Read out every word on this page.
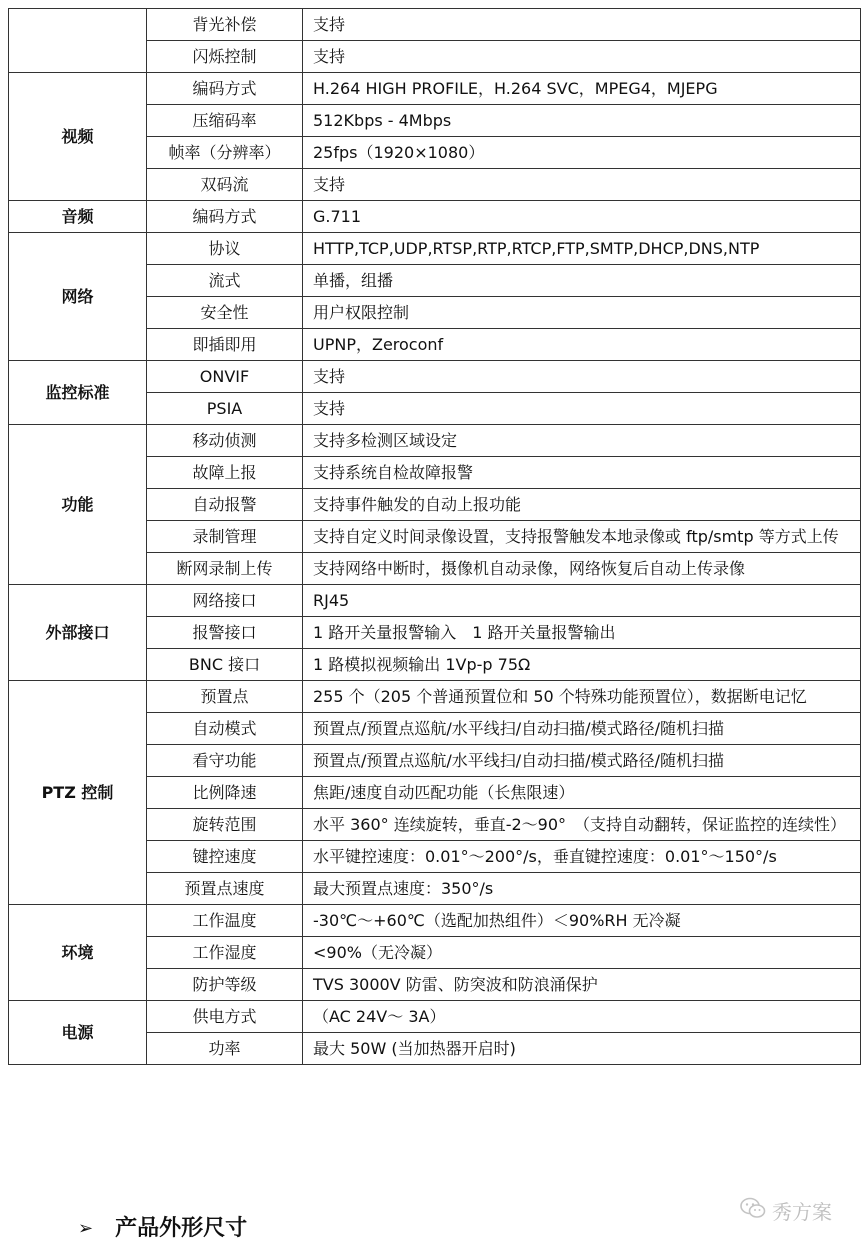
	背光补偿	支持
	闪烁控制	支持
视频	编码方式	H.264 HIGH PROFILE，H.264 SVC，MPEG4，MJEPG
	压缩码率	512Kbps - 4Mbps
	帧率（分辨率）	25fps（1920×1080）
	双码流	支持
音频	编码方式	G.711
网络	协议	HTTP,TCP,UDP,RTSP,RTP,RTCP,FTP,SMTP,DHCP,DNS,NTP
	流式	单播，组播
	安全性	用户权限控制
	即插即用	UPNP，Zeroconf
监控标准	ONVIF	支持
	PSIA	支持
功能	移动侦测	支持多检测区域设定
	故障上报	支持系统自检故障报警
	自动报警	支持事件触发的自动上报功能
	录制管理	支持自定义时间录像设置，支持报警触发本地录像或 ftp/smtp 等方式上传
	断网录制上传	支持网络中断时，摄像机自动录像，网络恢复后自动上传录像
外部接口	网络接口	RJ45
	报警接口	1 路开关量报警输入　1 路开关量报警输出
	BNC 接口	1 路模拟视频输出 1Vp-p 75Ω
PTZ 控制	预置点	255 个（205 个普通预置位和 50 个特殊功能预置位），数据断电记忆
	自动模式	预置点/预置点巡航/水平线扫/自动扫描/模式路径/随机扫描
	看守功能	预置点/预置点巡航/水平线扫/自动扫描/模式路径/随机扫描
	比例降速	焦距/速度自动匹配功能（长焦限速）
	旋转范围	水平 360° 连续旋转，垂直-2～90°　（支持自动翻转，保证监控的连续性）
	键控速度	水平键控速度：0.01°～200°/s，垂直键控速度：0.01°～150°/s
	预置点速度	最大预置点速度：350°/s
环境	工作温度	-30℃～+60℃（选配加热组件）＜90%RH 无冷凝
	工作湿度	<90%（无冷凝）
	防护等级	TVS 3000V 防雷、防突波和防浪涌保护
电源	供电方式	（AC 24V～ 3A）
	功率	最大 50W (当加热器开启时)
➢ 产品外形尺寸
秀方案
